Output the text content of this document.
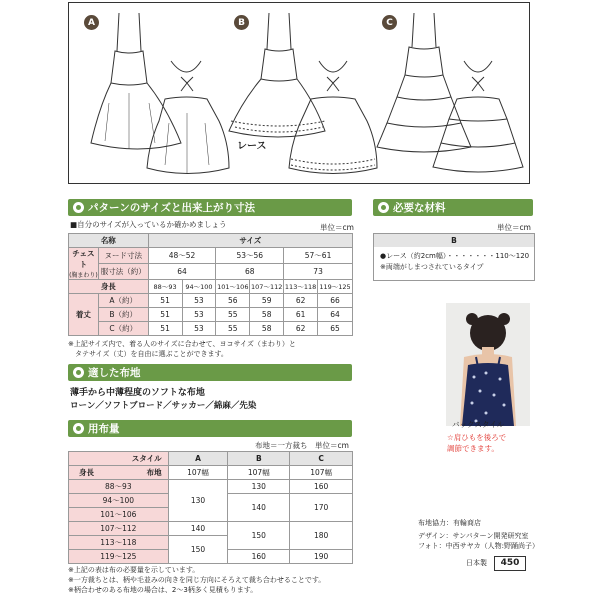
A	B	C
レース
パターンのサイズと出来上がり寸法
■自分のサイズが入っているか確かめましょう	単位＝cm
名称		サイズ					

チェスト
(胸まわり)	ヌード寸法	48〜52		53〜56		57〜61	
	服寸法（約）	64		68		73	
身長		88〜93	94〜100	101〜106	107〜112	113〜118	119〜125
着丈	A（約）	51	53	56	59	62	66
	B（約）	51	53	55	58	61	64
	C（約）	51	53	55	58	62	65
※上記サイズ内で、着る人のサイズに合わせて、ヨコサイズ（まわり）と
　タテサイズ（丈）を自由に選ぶことができます。
必要な材料
単位＝cm
B
●レース（約2cm幅）・・・・・・・110〜120
※両端がしまつされているタイプ
適した布地
薄手から中薄程度のソフトな布地
ローン／ソフトブロード／サッカー／綿麻／先染
用布量
布地＝一方裁ち　単位＝cm
スタイル	A	B	C

身長 布地	107幅	107幅	107幅
88〜93	130	130	160
94〜100		140	170
101〜106			
107〜112	140	150	180
113〜118	150		
119〜125		160	190
※上記の表は布の必要量を示しています。
※一方裁ちとは、柄や毛並みの向きを同じ方向にそろえて裁ち合わせることです。
※柄合わせのある布地の場合は、2〜3柄多く見積もります。
バックスタイル
☆肩ひもを後ろで
調節できます。
布地協力：有輪商店
デザイン：サンパターン開発研究室
フォト：中西サヤカ（人物:野踊尚子）
日本製	450
